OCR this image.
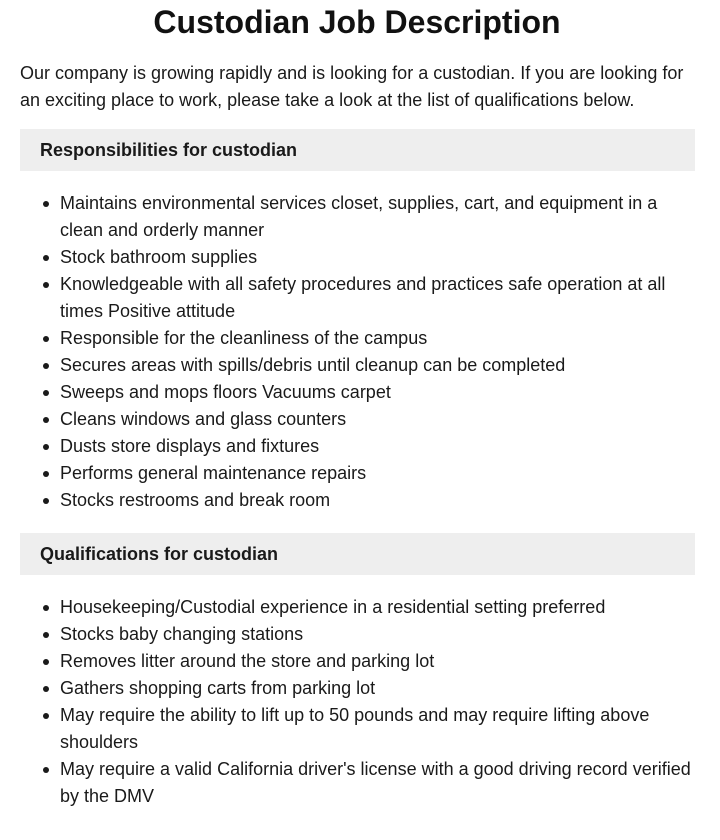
Custodian Job Description

Our company is growing rapidly and is looking for a custodian. If you are looking for an exciting place to work, please take a look at the list of qualifications below.

Responsibilities for custodian
Maintains environmental services closet, supplies, cart, and equipment in a clean and orderly manner
Stock bathroom supplies
Knowledgeable with all safety procedures and practices safe operation at all times Positive attitude
Responsible for the cleanliness of the campus
Secures areas with spills/debris until cleanup can be completed
Sweeps and mops floors Vacuums carpet
Cleans windows and glass counters
Dusts store displays and fixtures
Performs general maintenance repairs
Stocks restrooms and break room
Qualifications for custodian
Housekeeping/Custodial experience in a residential setting preferred
Stocks baby changing stations
Removes litter around the store and parking lot
Gathers shopping carts from parking lot
May require the ability to lift up to 50 pounds and may require lifting above shoulders
May require a valid California driver's license with a good driving record verified by the DMV
